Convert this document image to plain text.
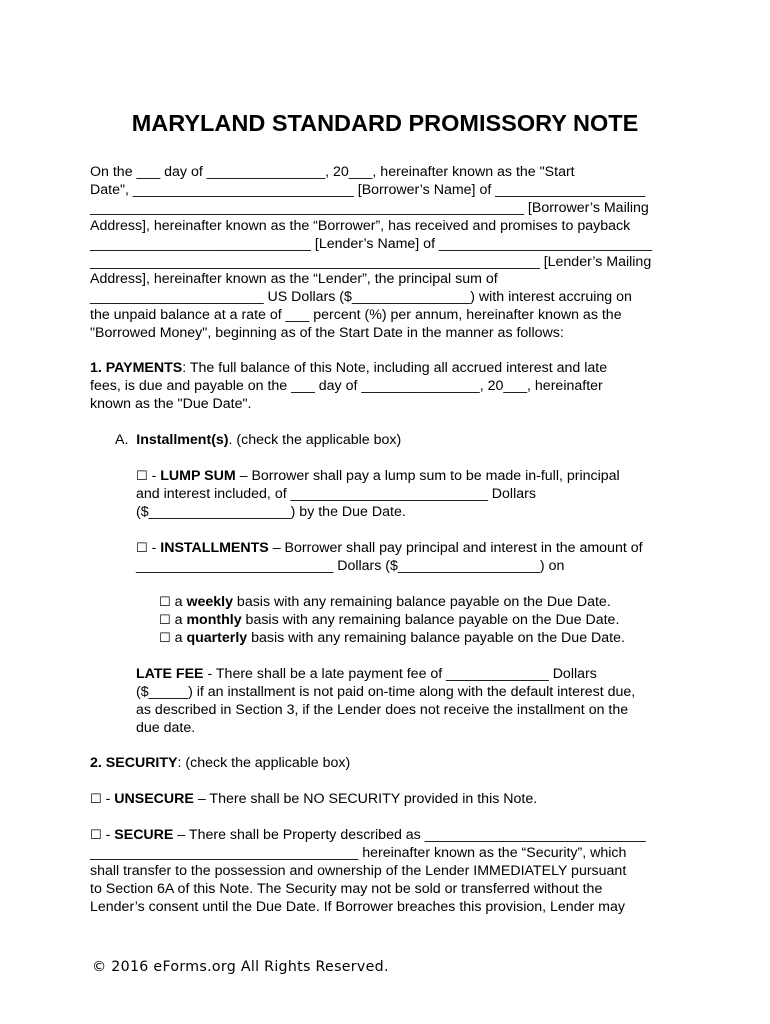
MARYLAND STANDARD PROMISSORY NOTE
On the ___ day of _______________, 20___, hereinafter known as the "Start
Date", ____________________________ [Borrower’s Name] of ___________________
_______________________________________________________ [Borrower’s Mailing
Address], hereinafter known as the “Borrower”, has received and promises to payback
____________________________ [Lender’s Name] of ___________________________
_________________________________________________________ [Lender’s Mailing
Address], hereinafter known as the “Lender”, the principal sum of
______________________ US Dollars ($_______________) with interest accruing on
the unpaid balance at a rate of ___ percent (%) per annum, hereinafter known as the
"Borrowed Money", beginning as of the Start Date in the manner as follows:
1. PAYMENTS: The full balance of this Note, including all accrued interest and late
fees, is due and payable on the ___ day of _______________, 20___, hereinafter
known as the "Due Date".
A. Installment(s). (check the applicable box)
☐ - LUMP SUM – Borrower shall pay a lump sum to be made in-full, principal
and interest included, of _________________________ Dollars
($__________________) by the Due Date.
☐ - INSTALLMENTS – Borrower shall pay principal and interest in the amount of
_________________________ Dollars ($__________________) on
☐ a weekly basis with any remaining balance payable on the Due Date.
☐ a monthly basis with any remaining balance payable on the Due Date.
☐ a quarterly basis with any remaining balance payable on the Due Date.
LATE FEE - There shall be a late payment fee of _____________ Dollars
($_____) if an installment is not paid on-time along with the default interest due,
as described in Section 3, if the Lender does not receive the installment on the
due date.
2. SECURITY: (check the applicable box)
☐ - UNSECURE – There shall be NO SECURITY provided in this Note.
☐ - SECURE – There shall be Property described as ____________________________
__________________________________ hereinafter known as the “Security”, which
shall transfer to the possession and ownership of the Lender IMMEDIATELY pursuant
to Section 6A of this Note. The Security may not be sold or transferred without the
Lender’s consent until the Due Date. If Borrower breaches this provision, Lender may
© 2016 eForms.org All Rights Reserved.
